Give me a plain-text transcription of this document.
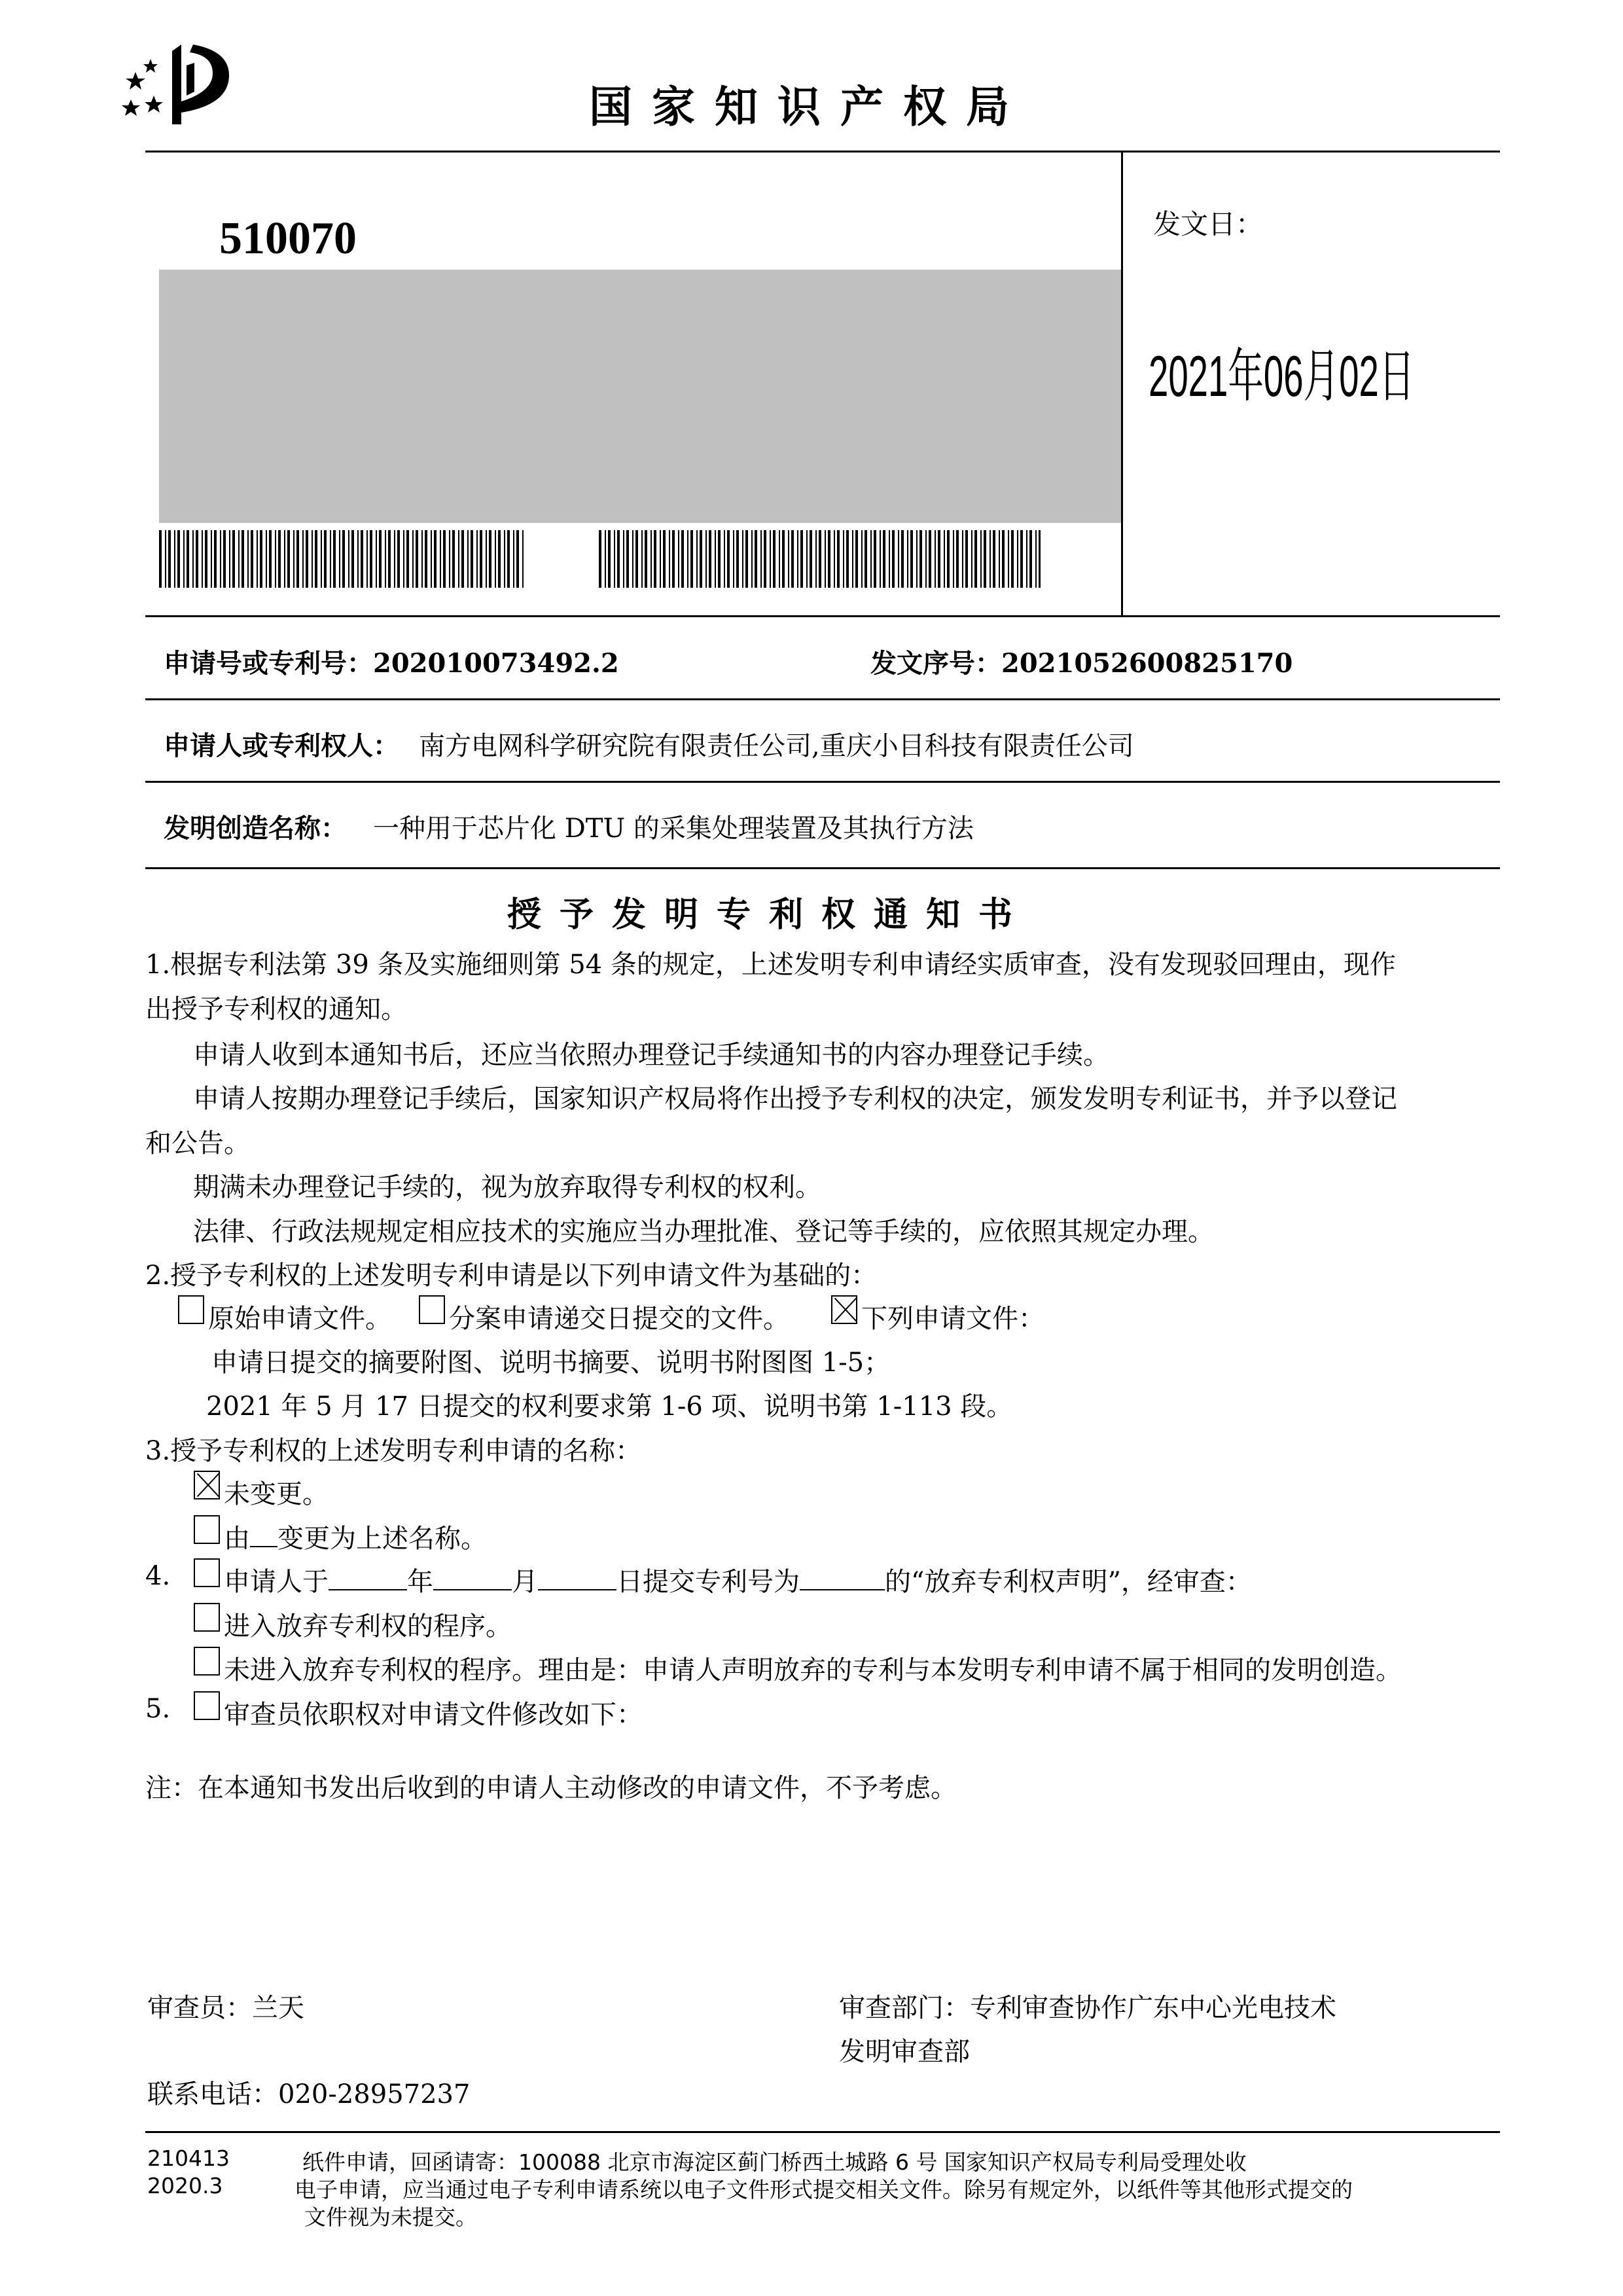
国家知识产权局
510070	发文日：
2021年06月02日
申请号或专利号：202010073492.2	发文序号：2021052600825170
申请人或专利权人： 南方电网科学研究院有限责任公司,重庆小目科技有限责任公司
发明创造名称： 一种用于芯片化 DTU 的采集处理装置及其执行方法
授予发明专利权通知书
1.根据专利法第 39 条及实施细则第 54 条的规定，上述发明专利申请经实质审查，没有发现驳回理由，现作
出授予专利权的通知。
申请人收到本通知书后，还应当依照办理登记手续通知书的内容办理登记手续。
申请人按期办理登记手续后，国家知识产权局将作出授予专利权的决定，颁发发明专利证书，并予以登记
和公告。
期满未办理登记手续的，视为放弃取得专利权的权利。
法律、行政法规规定相应技术的实施应当办理批准、登记等手续的，应依照其规定办理。
2.授予专利权的上述发明专利申请是以下列申请文件为基础的：
原始申请文件。 分案申请递交日提交的文件。	下列申请文件：
申请日提交的摘要附图、说明书摘要、说明书附图图 1-5；
2021 年 5 月 17 日提交的权利要求第 1-6 项、说明书第 1-113 段。
3.授予专利权的上述发明专利申请的名称：
未变更。
由 变更为上述名称。
4. 申请人于	年	月	日提交专利号为	的“放弃专利权声明”，经审查：
进入放弃专利权的程序。
未进入放弃专利权的程序。理由是：申请人声明放弃的专利与本发明专利申请不属于相同的发明创造。
5. 审查员依职权对申请文件修改如下：
注：在本通知书发出后收到的申请人主动修改的申请文件，不予考虑。
审查员：兰天	审查部门：专利审查协作广东中心光电技术
发明审查部
联系电话：020-28957237
210413
2020.3
纸件申请，回函请寄：100088 北京市海淀区蓟门桥西土城路 6 号 国家知识产权局专利局受理处收
电子申请，应当通过电子专利申请系统以电子文件形式提交相关文件。除另有规定外，以纸件等其他形式提交的
文件视为未提交。
